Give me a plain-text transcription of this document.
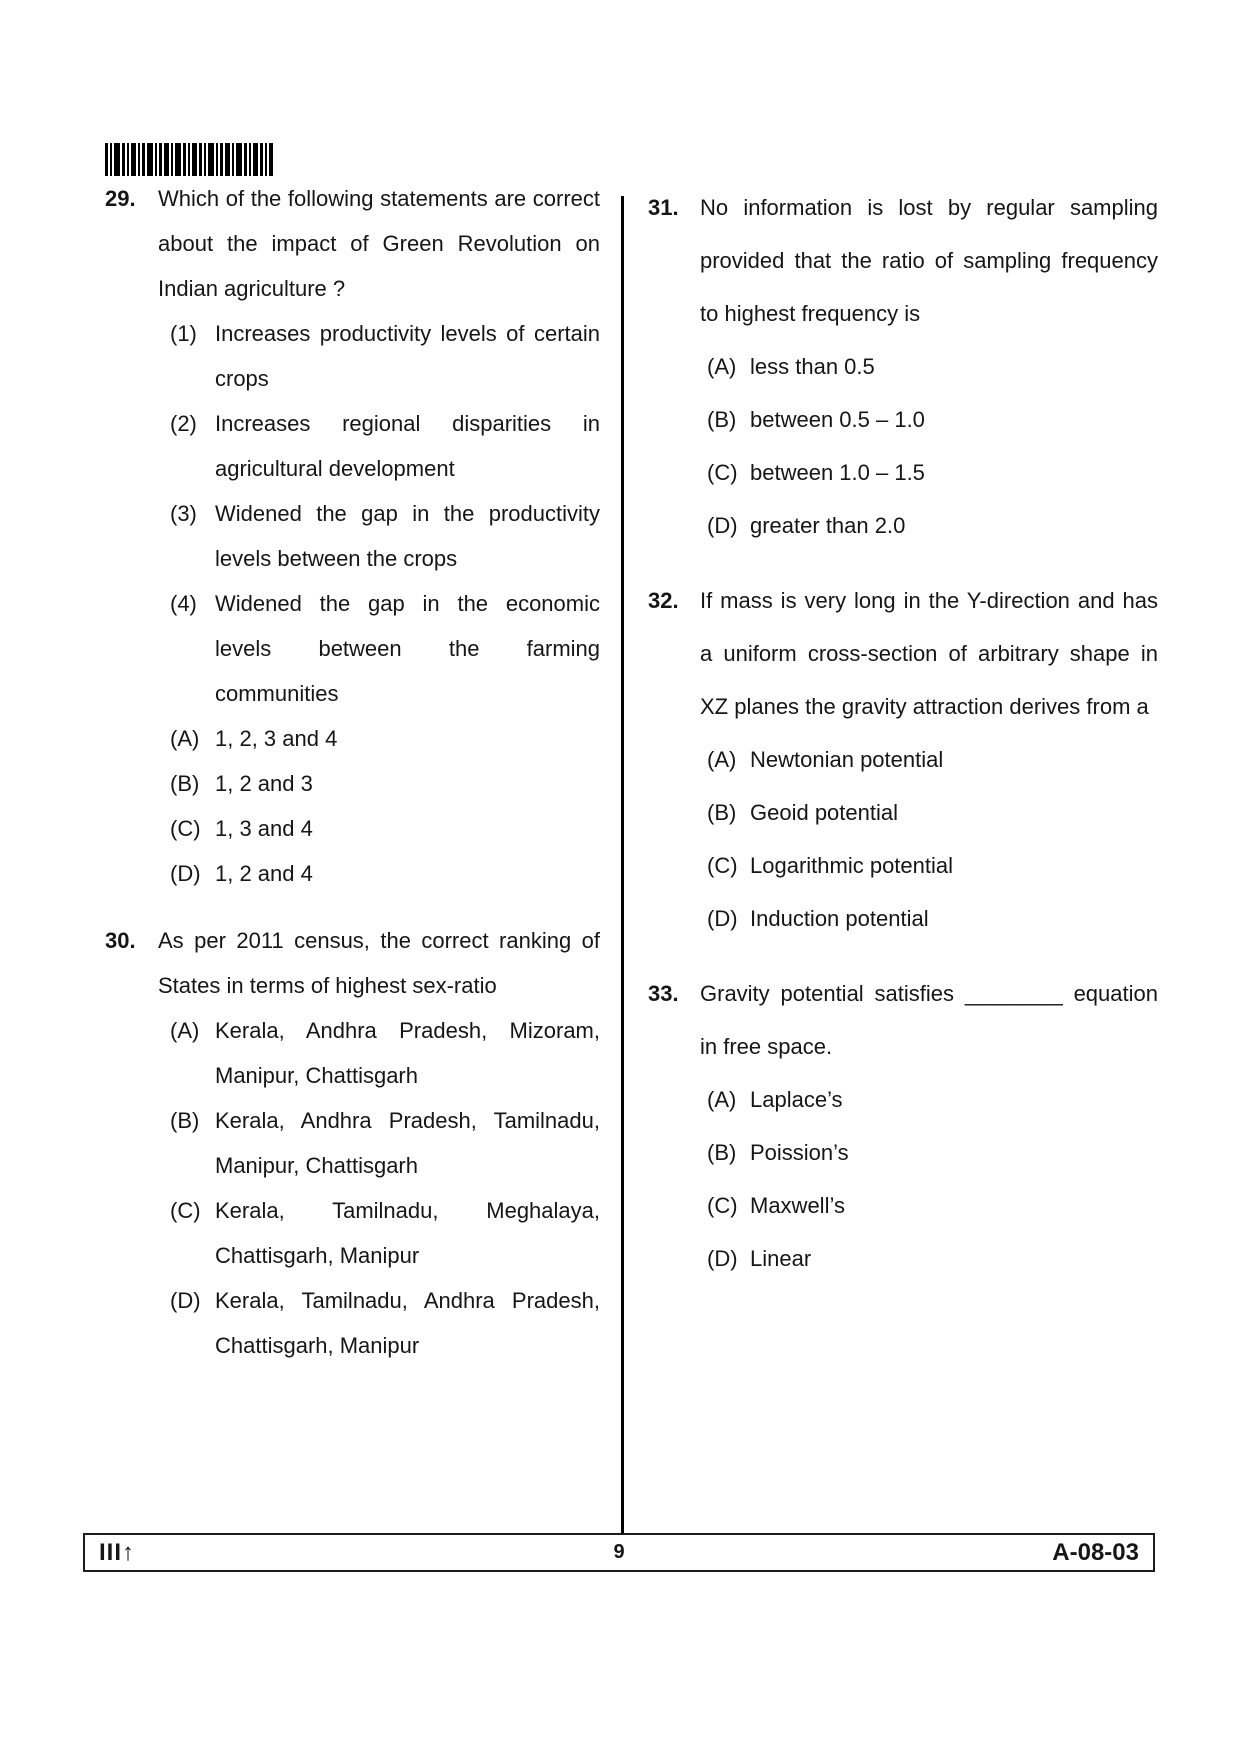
29.	Which of the following statements are correct about the impact of Green Revolution on Indian agriculture ?
(1) Increases productivity levels of certain crops
(2) Increases regional disparities in agricultural development
(3) Widened the gap in the productivity levels between the crops
(4) Widened the gap in the economic levels between the farming communities
(A) 1, 2, 3 and 4
(B) 1, 2 and 3
(C) 1, 3 and 4
(D) 1, 2 and 4
30.	As per 2011 census, the correct ranking of States in terms of highest sex-ratio
(A) Kerala, Andhra Pradesh, Mizoram, Manipur, Chattisgarh
(B) Kerala, Andhra Pradesh, Tamilnadu, Manipur, Chattisgarh
(C) Kerala, Tamilnadu, Meghalaya, Chattisgarh, Manipur
(D) Kerala, Tamilnadu, Andhra Pradesh, Chattisgarh, Manipur
31. No information is lost by regular sampling provided that the ratio of sampling frequency to highest frequency is
(A) less than 0.5
(B) between 0.5 – 1.0
(C) between 1.0 – 1.5
(D) greater than 2.0
32. If mass is very long in the Y-direction and has a uniform cross-section of arbitrary shape in XZ planes the gravity attraction derives from a
(A) Newtonian potential
(B) Geoid potential
(C) Logarithmic potential
(D) Induction potential
33. Gravity potential satisfies ________ equation in free space.
(A) Laplace’s
(B) Poission’s
(C) Maxwell’s
(D) Linear
III ↑	9	A-08-03
